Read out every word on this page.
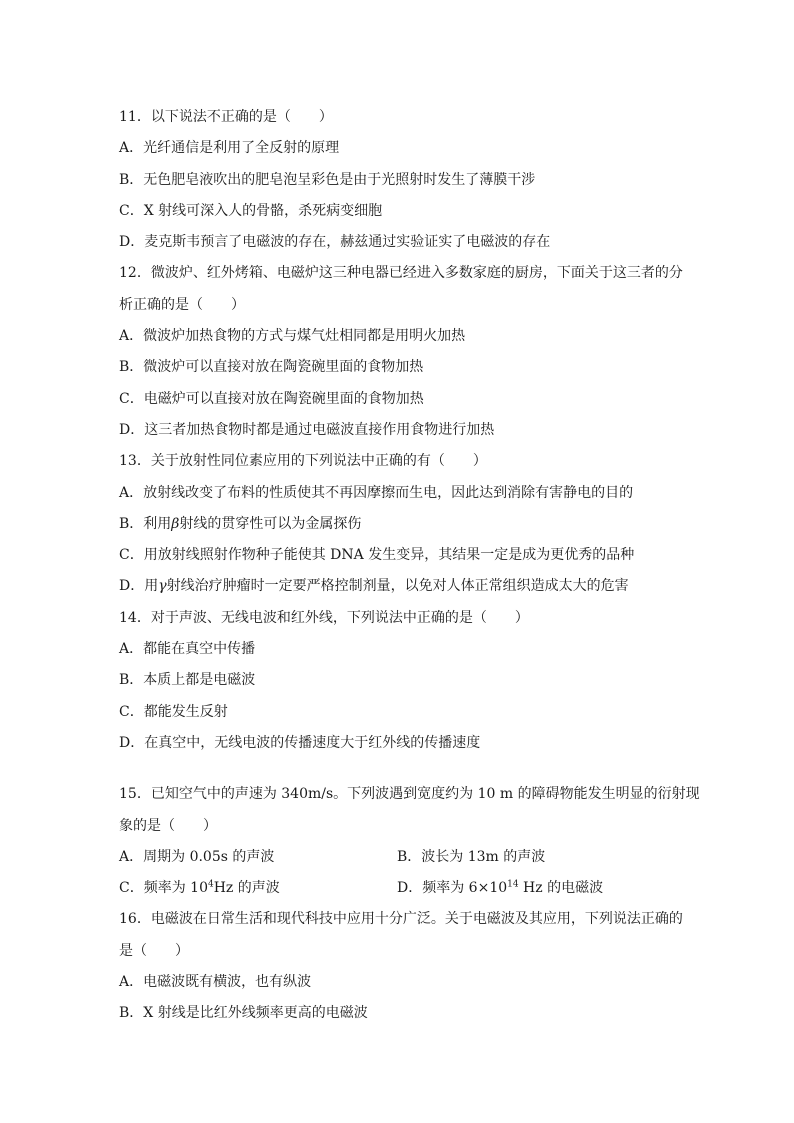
11．以下说法不正确的是（　　）
A．光纤通信是利用了全反射的原理
B．无色肥皂液吹出的肥皂泡呈彩色是由于光照射时发生了薄膜干涉
C．X 射线可深入人的骨骼，杀死病变细胞
D．麦克斯韦预言了电磁波的存在，赫兹通过实验证实了电磁波的存在
12．微波炉、红外烤箱、电磁炉这三种电器已经进入多数家庭的厨房，下面关于这三者的分
析正确的是（　　）
A．微波炉加热食物的方式与煤气灶相同都是用明火加热
B．微波炉可以直接对放在陶瓷碗里面的食物加热
C．电磁炉可以直接对放在陶瓷碗里面的食物加热
D．这三者加热食物时都是通过电磁波直接作用食物进行加热
13．关于放射性同位素应用的下列说法中正确的有（　　）
A．放射线改变了布料的性质使其不再因摩擦而生电，因此达到消除有害静电的目的
B．利用β射线的贯穿性可以为金属探伤
C．用放射线照射作物种子能使其 DNA 发生变异，其结果一定是成为更优秀的品种
D．用γ射线治疗肿瘤时一定要严格控制剂量，以免对人体正常组织造成太大的危害
14．对于声波、无线电波和红外线，下列说法中正确的是（　　）
A．都能在真空中传播
B．本质上都是电磁波
C．都能发生反射
D．在真空中，无线电波的传播速度大于红外线的传播速度
15．已知空气中的声速为 340m/s。下列波遇到宽度约为 10 m 的障碍物能发生明显的衍射现
象的是（　　）
A．周期为 0.05s 的声波	B．波长为 13m 的声波
C．频率为 $10^4Hz$ 的声波	D．频率为 $6\times 10^{14}$ Hz 的电磁波
16．电磁波在日常生活和现代科技中应用十分广泛。关于电磁波及其应用，下列说法正确的
是（　　）
A．电磁波既有横波，也有纵波
B．X 射线是比红外线频率更高的电磁波
